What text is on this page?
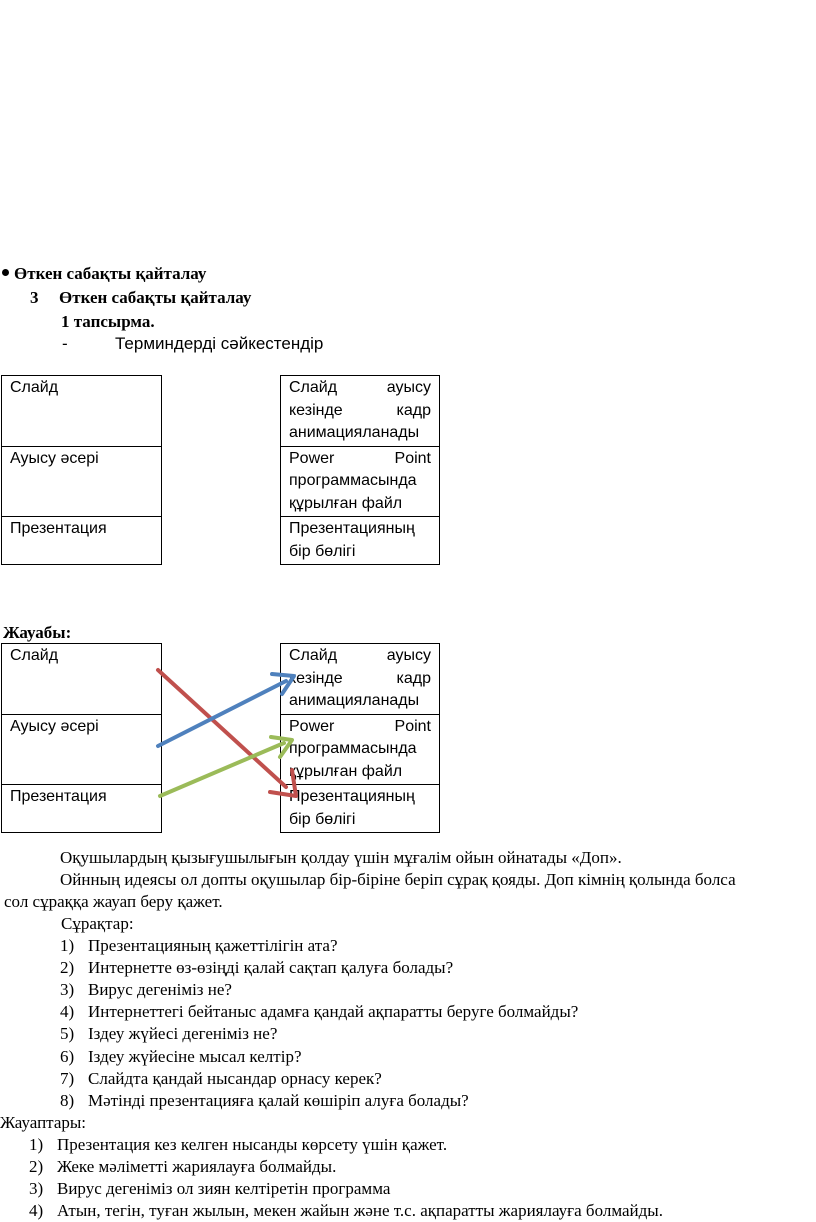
Өткен сабақты қайталау
3 Өткен сабақты қайталау
1 тапсырма.
-	Терминдерді сәйкестендір
Слайд		Слайд ауысу
кезінде кадр
анимацияланады

Ауысу әсері		Power Point
программасында
құрылған файл

Презентация		Презентацияның
бір бөлігі
Жауабы:
Слайд		Слайд ауысу
кезінде кадр
анимацияланады

Ауысу әсері		Power Point
программасында
құрылған файл

Презентация		Презентацияның
бір бөлігі
Оқушылардың қызығушылығын қолдау үшін мұғалім ойын ойнатады «Доп».
Ойнның идеясы ол допты оқушылар бір-біріне беріп сұрақ қояды. Доп кімнің қолында болса
сол сұраққа жауап беру қажет.
Сұрақтар:
1) Презентацияның қажеттілігін ата?
2) Интернетте өз-өзіңді қалай сақтап қалуға болады?
3) Вирус дегеніміз не?
4) Интернеттегі бейтаныс адамға қандай ақпаратты беруге болмайды?
5) Іздеу жүйесі дегеніміз не?
6) Іздеу жүйесіне мысал келтір?
7) Слайдта қандай нысандар орнасу керек?
8) Мәтінді презентацияға қалай көшіріп алуға болады?
Жауаптары:
1) Презентация кез келген нысанды көрсету үшін қажет.
2) Жеке мәліметті жариялауға болмайды.
3) Вирус дегеніміз ол зиян келтіретін программа
4) Атын, тегін, туған жылын, мекен жайын және т.с. ақпаратты жариялауға болмайды.
